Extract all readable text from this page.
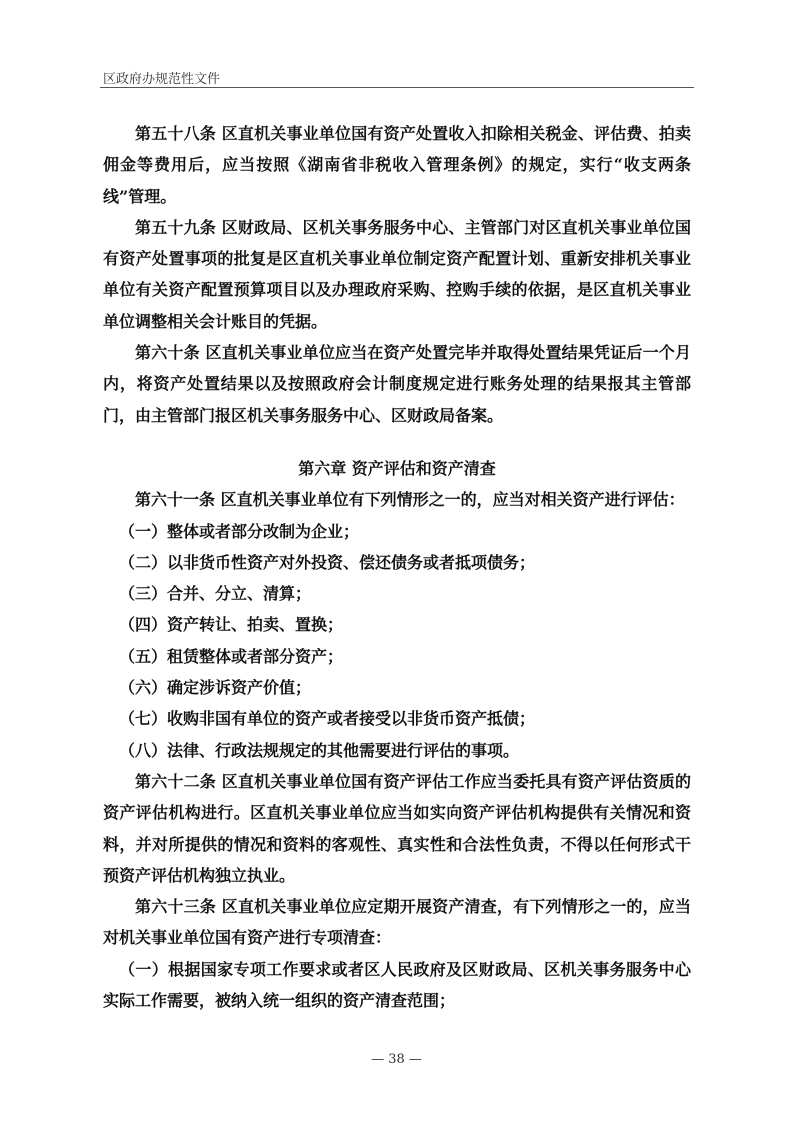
区政府办规范性文件

第五十八条 区直机关事业单位国有资产处置收入扣除相关税金、评估费、拍卖佣金等费用后，应当按照《湖南省非税收入管理条例》的规定，实行“收支两条线”管理。

第五十九条 区财政局、区机关事务服务中心、主管部门对区直机关事业单位国有资产处置事项的批复是区直机关事业单位制定资产配置计划、重新安排机关事业单位有关资产配置预算项目以及办理政府采购、控购手续的依据，是区直机关事业单位调整相关会计账目的凭据。

第六十条 区直机关事业单位应当在资产处置完毕并取得处置结果凭证后一个月内，将资产处置结果以及按照政府会计制度规定进行账务处理的结果报其主管部门，由主管部门报区机关事务服务中心、区财政局备案。

第六章 资产评估和资产清查

第六十一条 区直机关事业单位有下列情形之一的，应当对相关资产进行评估：

（一）整体或者部分改制为企业；

（二）以非货币性资产对外投资、偿还债务或者抵项债务；

（三）合并、分立、清算；

（四）资产转让、拍卖、置换；

（五）租赁整体或者部分资产；

（六）确定涉诉资产价值；

（七）收购非国有单位的资产或者接受以非货币资产抵债；

（八）法律、行政法规规定的其他需要进行评估的事项。

第六十二条 区直机关事业单位国有资产评估工作应当委托具有资产评估资质的资产评估机构进行。区直机关事业单位应当如实向资产评估机构提供有关情况和资料，并对所提供的情况和资料的客观性、真实性和合法性负责，不得以任何形式干预资产评估机构独立执业。

第六十三条 区直机关事业单位应定期开展资产清查，有下列情形之一的，应当对机关事业单位国有资产进行专项清查：

（一）根据国家专项工作要求或者区人民政府及区财政局、区机关事务服务中心实际工作需要，被纳入统一组织的资产清查范围；

— 38 —
